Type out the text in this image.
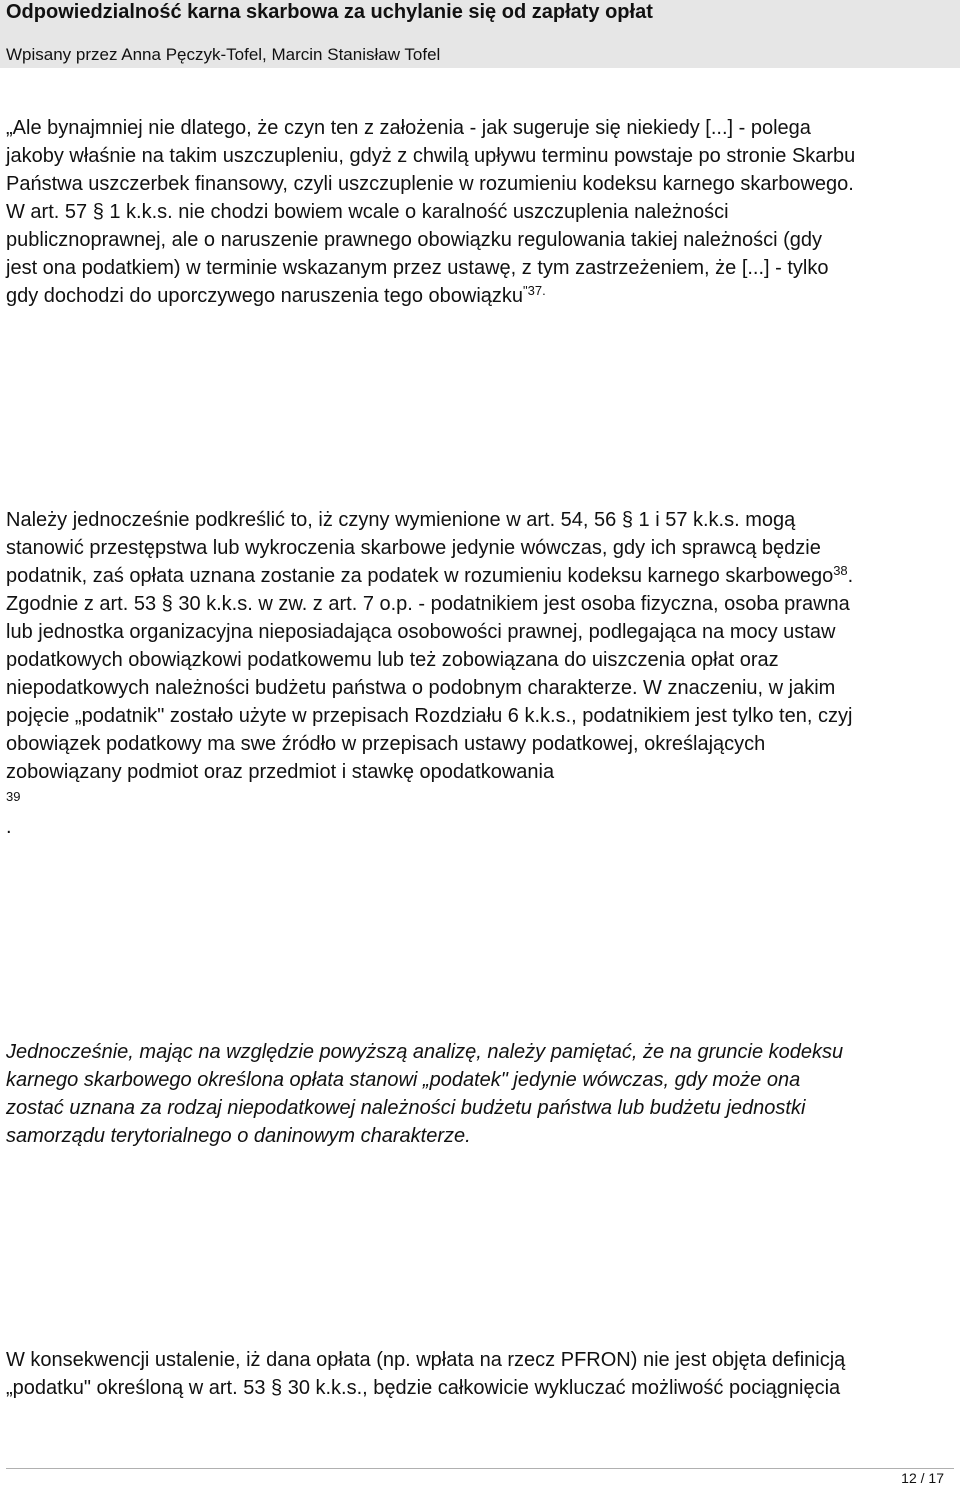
Odpowiedzialność karna skarbowa za uchylanie się od zapłaty opłat
Wpisany przez Anna Pęczyk-Tofel, Marcin Stanisław Tofel
„Ale bynajmniej nie dlatego, że czyn ten z założenia - jak sugeruje się niekiedy [...] - polega
jakoby właśnie na takim uszczupleniu, gdyż z chwilą upływu terminu powstaje po stronie Skarbu
Państwa uszczerbek finansowy, czyli uszczuplenie w rozumieniu kodeksu karnego skarbowego.
W art. 57 § 1 k.k.s. nie chodzi bowiem wcale o karalność uszczuplenia należności
publicznoprawnej, ale o naruszenie prawnego obowiązku regulowania takiej należności (gdy
jest ona podatkiem) w terminie wskazanym przez ustawę, z tym zastrzeżeniem, że [...] - tylko
gdy dochodzi do uporczywego naruszenia tego obowiązku$^{"37.}$
Należy jednocześnie podkreślić to, iż czyny wymienione w art. 54, 56 § 1 i 57 k.k.s. mogą
stanowić przestępstwa lub wykroczenia skarbowe jedynie wówczas, gdy ich sprawcą będzie
podatnik, zaś opłata uznana zostanie za podatek w rozumieniu kodeksu karnego skarbowego$^{38}$.
Zgodnie z art. 53 § 30 k.k.s. w zw. z art. 7 o.p. - podatnikiem jest osoba fizyczna, osoba prawna
lub jednostka organizacyjna nieposiadająca osobowości prawnej, podlegająca na mocy ustaw
podatkowych obowiązkowi podatkowemu lub też zobowiązana do uiszczenia opłat oraz
niepodatkowych należności budżetu państwa o podobnym charakterze. W znaczeniu, w jakim
pojęcie „podatnik" zostało użyte w przepisach Rozdziału 6 k.k.s., podatnikiem jest tylko ten, czyj
obowiązek podatkowy ma swe źródło w przepisach ustawy podatkowej, określających
zobowiązany podmiot oraz przedmiot i stawkę opodatkowania
39
.
Jednocześnie, mając na względzie powyższą analizę, należy pamiętać, że na gruncie kodeksu
karnego skarbowego określona opłata stanowi „podatek" jedynie wówczas, gdy może ona
zostać uznana za rodzaj niepodatkowej należności budżetu państwa lub budżetu jednostki
samorządu terytorialnego o daninowym charakterze.
W konsekwencji ustalenie, iż dana opłata (np. wpłata na rzecz PFRON) nie jest objęta definicją
„podatku" określoną w art. 53 § 30 k.k.s., będzie całkowicie wykluczać możliwość pociągnięcia
12 / 17
